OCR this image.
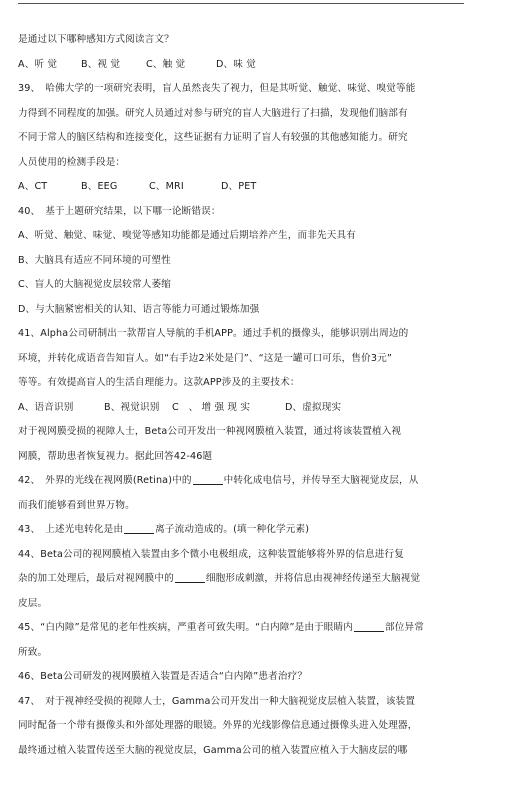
是通过以下哪种感知方式阅读言文？
A、听 觉 B、视 觉	C、触 觉	D、味 觉
39、　哈佛大学的一项研究表明，盲人虽然丧失了视力，但是其听觉、触觉、味觉、嗅觉等能
力得到不同程度的加强。研究人员通过对参与研究的盲人大脑进行了扫描，发现他们脑部有
不同于常人的脑区结构和连接变化，这些证据有力证明了盲人有较强的其他感知能力。研究
人员使用的检测手段是：
A、CT	B、EEG	C、MRI	D、PET
40、　基于上题研究结果，以下哪一论断错误：
A、听觉、触觉、味觉、嗅觉等感知功能都是通过后期培养产生，而非先天具有
B、大脑具有适应不同环境的可塑性
C、盲人的大脑视觉皮层较常人萎缩
D、与大脑紧密相关的认知、语言等能力可通过锻炼加强
41、Alpha公司研制出一款帮盲人导航的手机APP。通过手机的摄像头，能够识别出周边的
环境，并转化成语音告知盲人。如“右手边2米处是门”、“这是一罐可口可乐，售价3元”
等等。有效提高盲人的生活自理能力。这款APP涉及的主要技术：
A、语音识别	B、视觉识别 C　、 增 强 现 实	D、虚拟现实
对于视网膜受损的视障人士，Beta公司开发出一种视网膜植入装置，通过将该装置植入视
网膜，帮助患者恢复视力。据此回答42-46题
42、　外界的光线在视网膜(Retina)中的	中转化成电信号，并传导至大脑视觉皮层，从
而我们能够看到世界万物。
43、　上述光电转化是由	离子流动造成的。(填一种化学元素)
44、Beta公司的视网膜植入装置由多个微小电极组成，这种装置能够将外界的信息进行复
杂的加工处理后，最后对视网膜中的	细胞形成刺激，并将信息由视神经传递至大脑视觉
皮层。
45、“白内障”是常见的老年性疾病，严重者可致失明。“白内障”是由于眼睛内	部位异常
所致。
46、Beta公司研发的视网膜植入装置是否适合“白内障”患者治疗？
47、　对于视神经受损的视障人士，Gamma公司开发出一种大脑视觉皮层植入装置，该装置
同时配备一个带有摄像头和外部处理器的眼镜。外界的光线影像信息通过摄像头进入处理器，
最终通过植入装置传送至大脑的视觉皮层，Gamma公司的植入装置应植入于大脑皮层的哪
